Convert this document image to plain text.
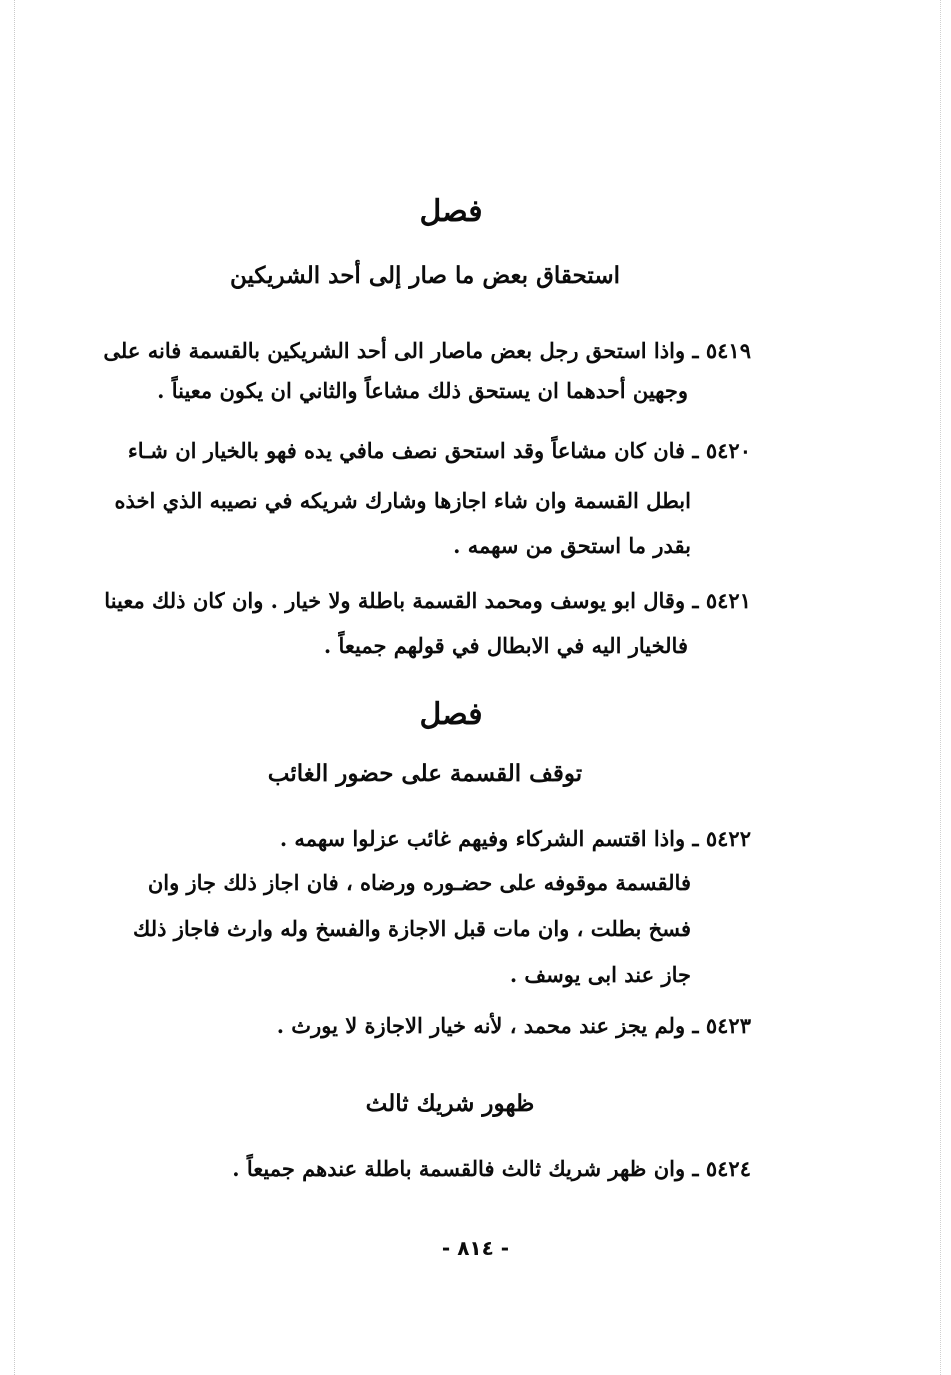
فصل
استحقاق بعض ما صار إلى أحد الشريكين
٥٤١٩ ـ واذا استحق رجل بعض ماصار الى أحد الشريكين بالقسمة فانه على
وجهين أحدهما ان يستحق ذلك مشاعاً والثاني ان يكون معيناً .
٥٤٢٠ ـ فان كان مشاعاً وقد استحق نصف مافي يده فهو بالخيار ان شـاء
ابطل القسمة وان شاء اجازها وشارك شريكه في نصيبه الذي اخذه
بقدر ما استحق من سهمه .
٥٤٢١ ـ وقال ابو يوسف ومحمد القسمة باطلة ولا خيار . وان كان ذلك معينا
فالخيار اليه في الابطال في قولهم جميعاً .
فصل
توقف القسمة على حضور الغائب
٥٤٢٢ ـ واذا اقتسم الشركاء وفيهم غائب عزلوا سهمه .
فالقسمة موقوفه على حضـوره ورضاه ، فان اجاز ذلك جاز وان
فسخ بطلت ، وان مات قبل الاجازة والفسخ وله وارث فاجاز ذلك
جاز عند ابى يوسف .
٥٤٢٣ ـ ولم يجز عند محمد ، لأنه خيار الاجازة لا يورث .
ظهور شريك ثالث
٥٤٢٤ ـ وان ظهر شريك ثالث فالقسمة باطلة عندهم جميعاً .
- ٨١٤ -
